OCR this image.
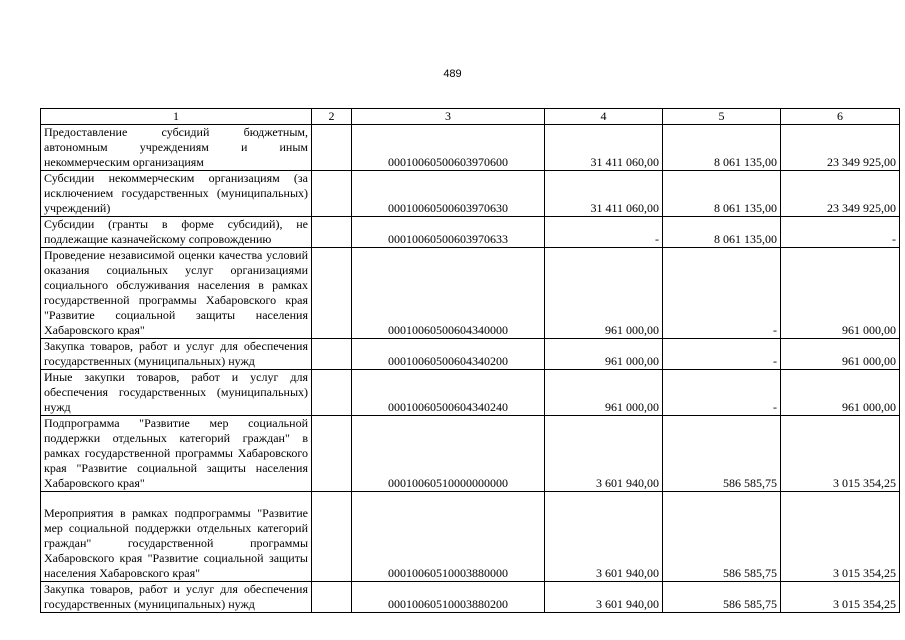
489
1	2	3	4	5	6
Предоставление субсидий бюджетным, автономным учреждениям и иным некоммерческим организациям		00010060500603970600	31 411 060,00	8 061 135,00	23 349 925,00
Субсидии некоммерческим организациям (за исключением государственных (муниципальных) учреждений)		00010060500603970630	31 411 060,00	8 061 135,00	23 349 925,00
Субсидии (гранты в форме субсидий), не подлежащие казначейскому сопровождению		00010060500603970633	-	8 061 135,00	-
Проведение независимой оценки качества условий оказания социальных услуг организациями социального обслуживания населения в рамках государственной программы Хабаровского края "Развитие социальной защиты населения Хабаровского края"		00010060500604340000	961 000,00	-	961 000,00
Закупка товаров, работ и услуг для обеспечения государственных (муниципальных) нужд		00010060500604340200	961 000,00	-	961 000,00
Иные закупки товаров, работ и услуг для обеспечения государственных (муниципальных) нужд		00010060500604340240	961 000,00	-	961 000,00
Подпрограмма "Развитие мер социальной поддержки отдельных категорий граждан" в рамках государственной программы Хабаровского края "Развитие социальной защиты населения Хабаровского края"		00010060510000000000	3 601 940,00	586 585,75	3 015 354,25
Мероприятия в рамках подпрограммы "Развитие мер социальной поддержки отдельных категорий граждан" государственной программы Хабаровского края "Развитие социальной защиты населения Хабаровского края"		00010060510003880000	3 601 940,00	586 585,75	3 015 354,25
Закупка товаров, работ и услуг для обеспечения государственных (муниципальных) нужд		00010060510003880200	3 601 940,00	586 585,75	3 015 354,25
